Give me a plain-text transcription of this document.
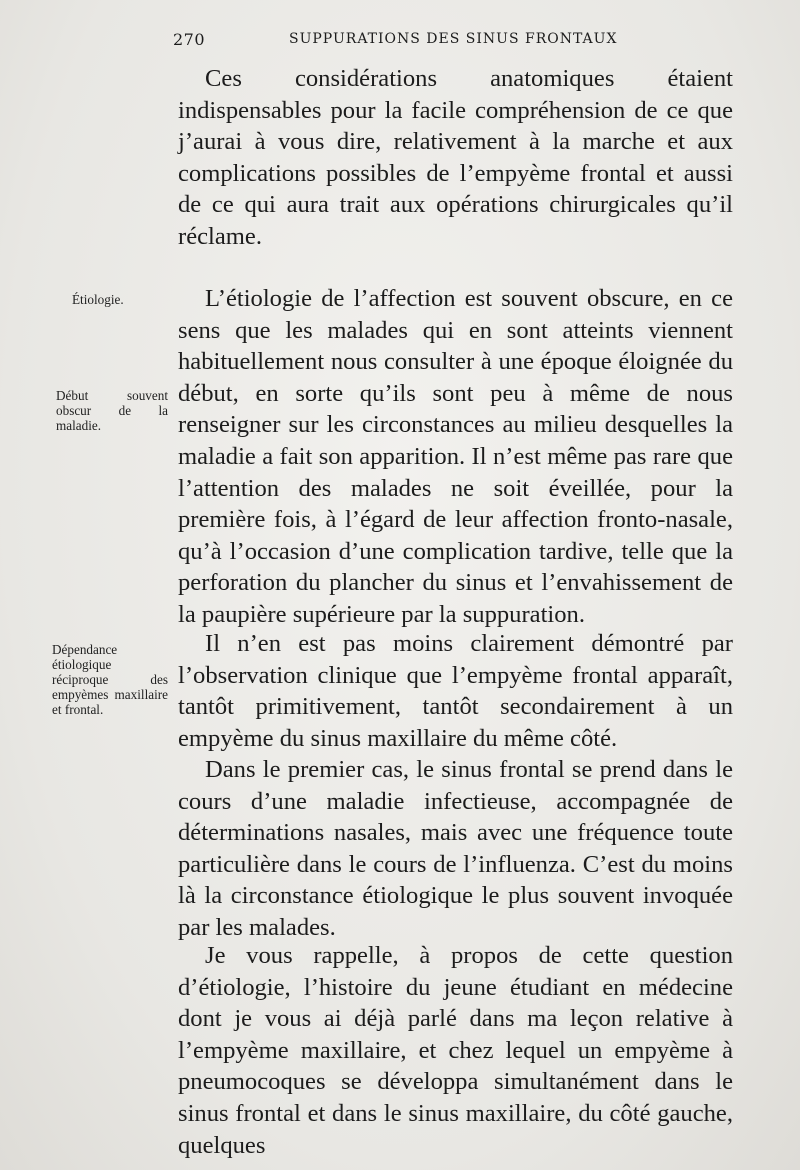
270	SUPPURATIONS DES SINUS FRONTAUX
Étiologie.
Début souvent obscur de la maladie.
Dépendance étiologique réciproque des empyèmes maxillaire et frontal.

Ces considérations anatomiques étaient indispensables pour la facile compréhension de ce que j’aurai à vous dire, relativement à la marche et aux complications possibles de l’empyème frontal et aussi de ce qui aura trait aux opérations chirurgicales qu’il réclame.

L’étiologie de l’affection est souvent obscure, en ce sens que les malades qui en sont atteints viennent habituellement nous consulter à une époque éloignée du début, en sorte qu’ils sont peu à même de nous renseigner sur les circonstances au milieu desquelles la maladie a fait son apparition. Il n’est même pas rare que l’attention des malades ne soit éveillée, pour la première fois, à l’égard de leur affection fronto-nasale, qu’à l’occasion d’une complication tardive, telle que la perforation du plancher du sinus et l’envahissement de la paupière supérieure par la suppuration.

Il n’en est pas moins clairement démontré par l’observation clinique que l’empyème frontal apparaît, tantôt primitivement, tantôt secondairement à un empyème du sinus maxillaire du même côté.

Dans le premier cas, le sinus frontal se prend dans le cours d’une maladie infectieuse, accompagnée de déterminations nasales, mais avec une fréquence toute particulière dans le cours de l’influenza. C’est du moins là la circonstance étiologique le plus souvent invoquée par les malades.

Je vous rappelle, à propos de cette question d’étiologie, l’histoire du jeune étudiant en médecine dont je vous ai déjà parlé dans ma leçon relative à l’empyème maxillaire, et chez lequel un empyème à pneumocoques se développa simultanément dans le sinus frontal et dans le sinus maxillaire, du côté gauche, quelques
